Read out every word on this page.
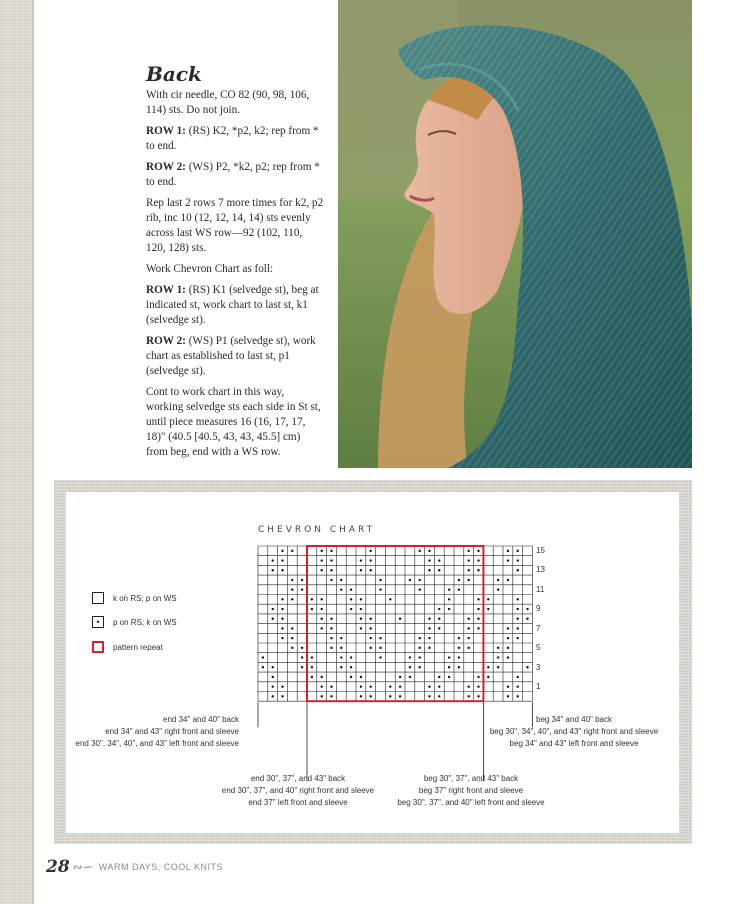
Back

With cir needle, CO 82 (90, 98, 106, 114) sts. Do not join.

ROW 1: (RS) K2, *p2, k2; rep from * to end.

ROW 2: (WS) P2, *k2, p2; rep from * to end.

Rep last 2 rows 7 more times for k2, p2 rib, inc 10 (12, 12, 14, 14) sts evenly across last WS row—92 (102, 110, 120, 128) sts.

Work Chevron Chart as foll:

ROW 1: (RS) K1 (selvedge st), beg at indicated st, work chart to last st, k1 (selvedge st).

ROW 2: (WS) P1 (selvedge st), work chart as established to last st, p1 (selvedge st).

Cont to work chart in this way, working selvedge sts each side in St st, until piece measures 16 (16, 17, 17, 18)" (40.5 [40.5, 43, 43, 45.5] cm) from beg, end with a WS row.

CHEVRON CHART
k on RS; p on WS
•	p on RS; k on WS
pattern repeat
15
13
11
9
7
5
3
1
end 34" and 40" back
end 34" and 43" right front and sleeve
end 30", 34", 40", and 43" left front and sleeve
end 30", 37", and 43" back
end 30", 37", and 40" right front and sleeve
end 37" left front and sleeve
beg 30", 37", and 43" back
beg 37" right front and sleeve
beg 30", 37", and 40" left front and sleeve
beg 34" and 40" back
beg 30", 34", 40", and 43" right front and sleeve
beg 34" and 43" left front and sleeve
28 ∾∽ WARM DAYS, COOL KNITS
